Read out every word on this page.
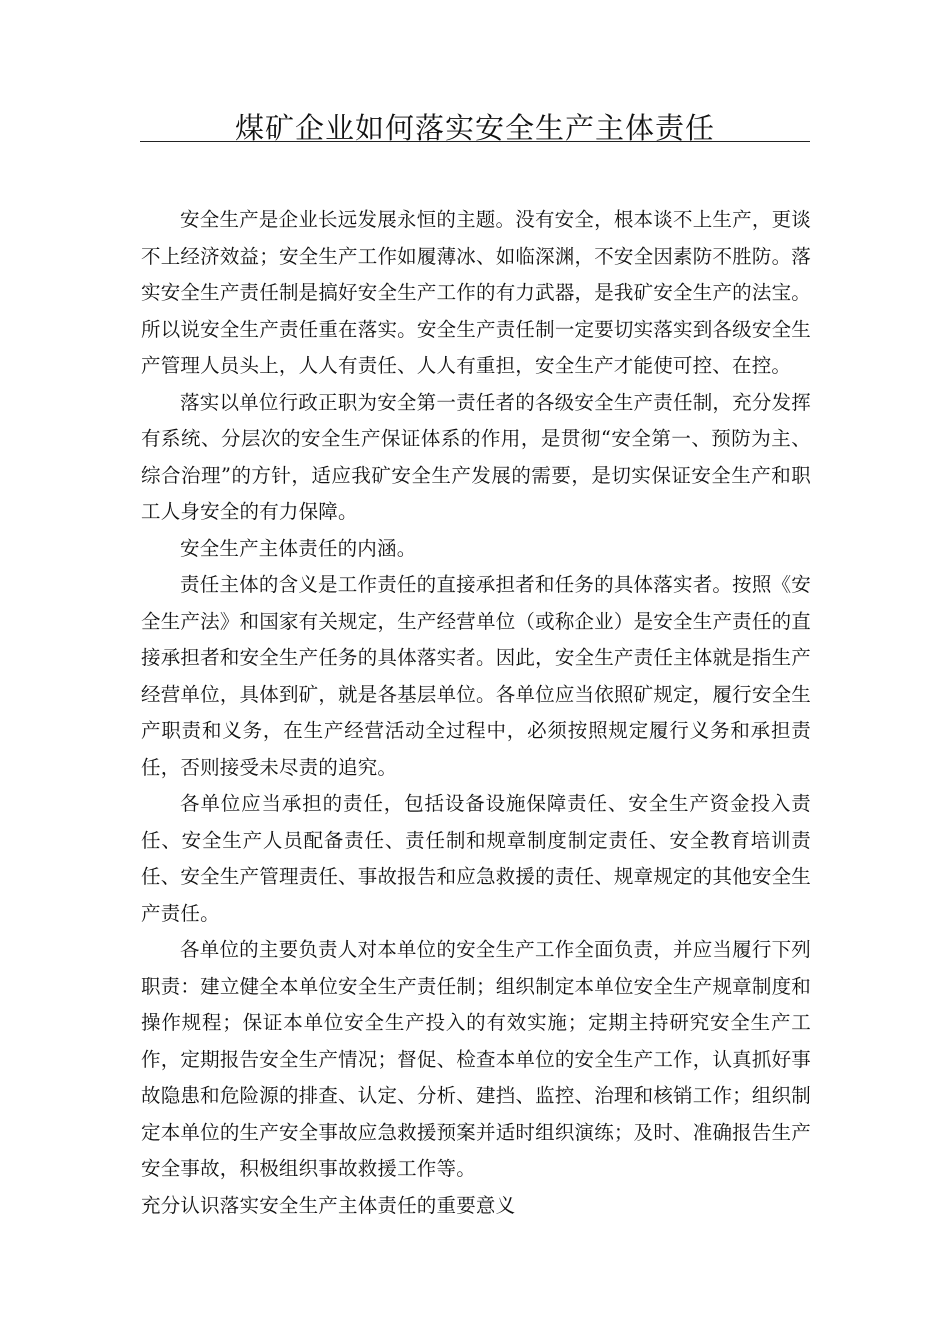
煤矿企业如何落实安全生产主体责任

安全生产是企业长远发展永恒的主题。没有安全，根本谈不上生产，更谈不上经济效益；安全生产工作如履薄冰、如临深渊，不安全因素防不胜防。落实安全生产责任制是搞好安全生产工作的有力武器，是我矿安全生产的法宝。所以说安全生产责任重在落实。安全生产责任制一定要切实落实到各级安全生产管理人员头上，人人有责任、人人有重担，安全生产才能使可控、在控。

落实以单位行政正职为安全第一责任者的各级安全生产责任制，充分发挥有系统、分层次的安全生产保证体系的作用，是贯彻“安全第一、预防为主、综合治理”的方针，适应我矿安全生产发展的需要，是切实保证安全生产和职工人身安全的有力保障。

安全生产主体责任的内涵。

责任主体的含义是工作责任的直接承担者和任务的具体落实者。按照《安全生产法》和国家有关规定，生产经营单位（或称企业）是安全生产责任的直接承担者和安全生产任务的具体落实者。因此，安全生产责任主体就是指生产经营单位，具体到矿，就是各基层单位。各单位应当依照矿规定，履行安全生产职责和义务，在生产经营活动全过程中，必须按照规定履行义务和承担责任，否则接受未尽责的追究。

各单位应当承担的责任，包括设备设施保障责任、安全生产资金投入责任、安全生产人员配备责任、责任制和规章制度制定责任、安全教育培训责任、安全生产管理责任、事故报告和应急救援的责任、规章规定的其他安全生产责任。

各单位的主要负责人对本单位的安全生产工作全面负责，并应当履行下列职责：建立健全本单位安全生产责任制；组织制定本单位安全生产规章制度和操作规程；保证本单位安全生产投入的有效实施；定期主持研究安全生产工作，定期报告安全生产情况；督促、检查本单位的安全生产工作，认真抓好事故隐患和危险源的排查、认定、分析、建挡、监控、治理和核销工作；组织制定本单位的生产安全事故应急救援预案并适时组织演练；及时、准确报告生产安全事故，积极组织事故救援工作等。

充分认识落实安全生产主体责任的重要意义
